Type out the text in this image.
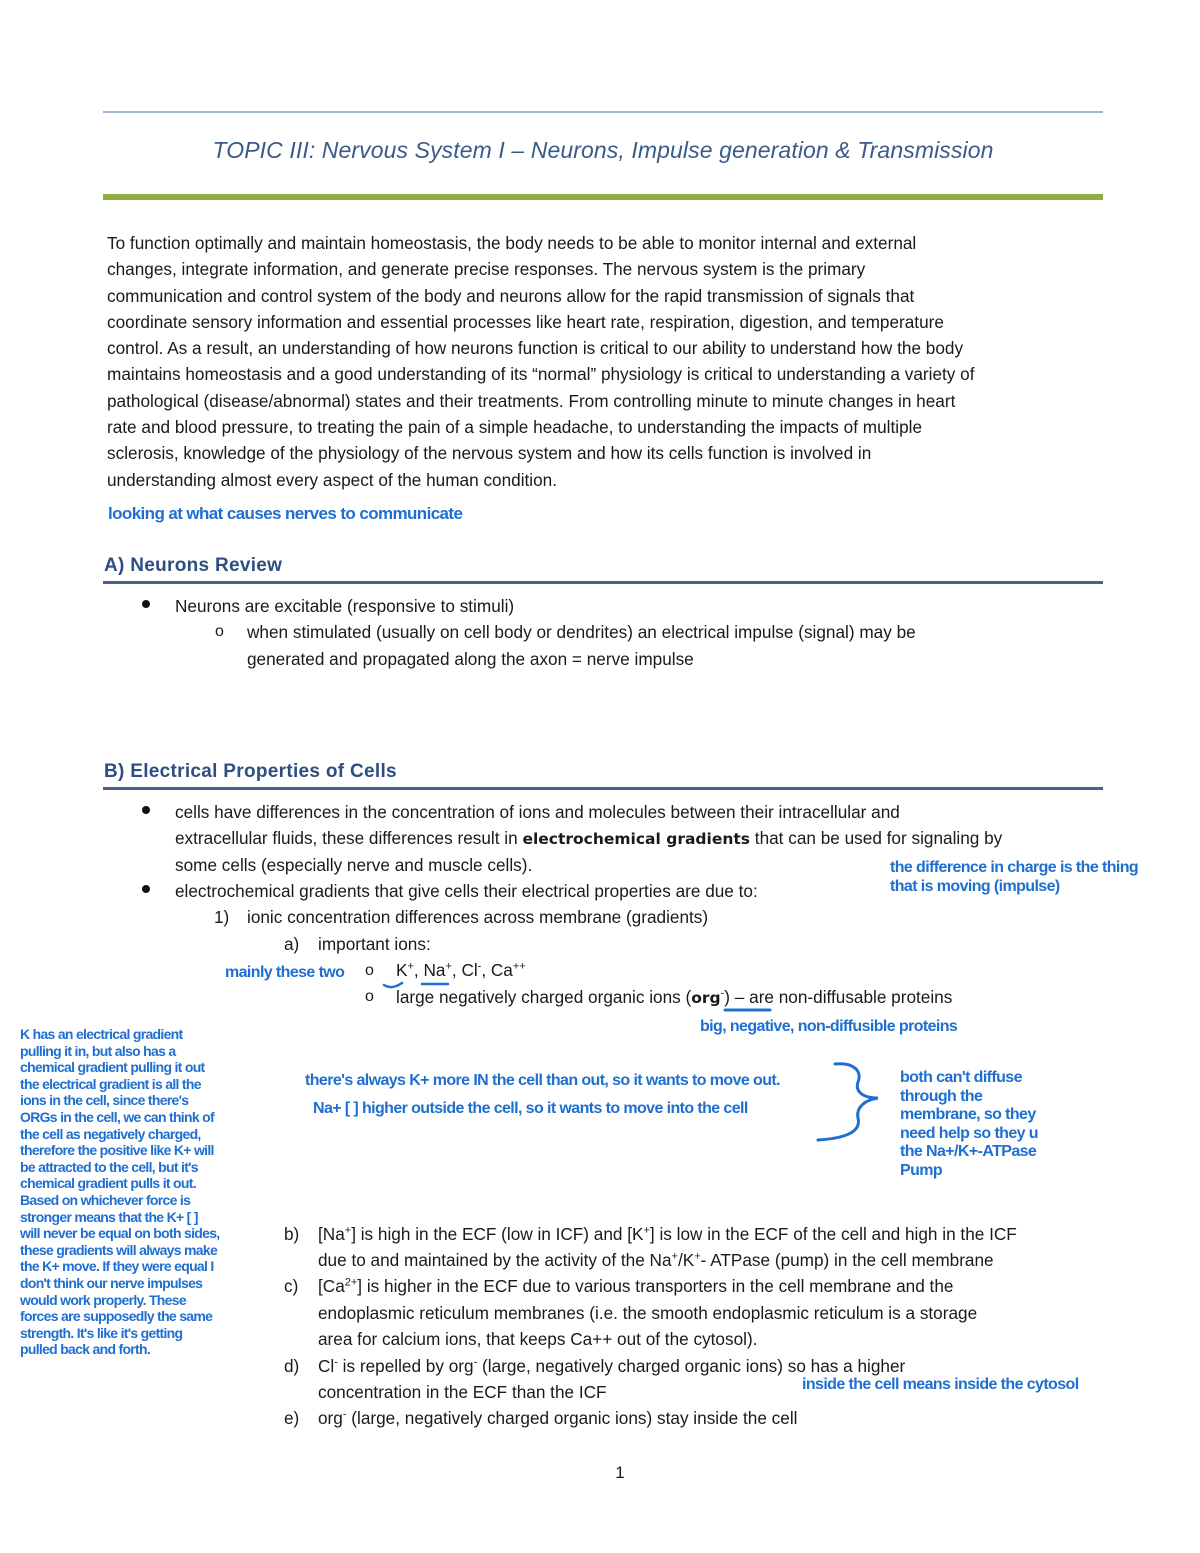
TOPIC III: Nervous System I – Neurons, Impulse generation & Transmission
To function optimally and maintain homeostasis, the body needs to be able to monitor internal and external
changes, integrate information, and generate precise responses. The nervous system is the primary
communication and control system of the body and neurons allow for the rapid transmission of signals that
coordinate sensory information and essential processes like heart rate, respiration, digestion, and temperature
control. As a result, an understanding of how neurons function is critical to our ability to understand how the body
maintains homeostasis and a good understanding of its “normal” physiology is critical to understanding a variety of
pathological (disease/abnormal) states and their treatments. From controlling minute to minute changes in heart
rate and blood pressure, to treating the pain of a simple headache, to understanding the impacts of multiple
sclerosis, knowledge of the physiology of the nervous system and how its cells function is involved in
understanding almost every aspect of the human condition.
looking at what causes nerves to communicate
A) Neurons Review
Neurons are excitable (responsive to stimuli)
o when stimulated (usually on cell body or dendrites) an electrical impulse (signal) may be
generated and propagated along the axon = nerve impulse
B) Electrical Properties of Cells
cells have differences in the concentration of ions and molecules between their intracellular and
extracellular fluids, these differences result in electrochemical gradients that can be used for signaling by
some cells (especially nerve and muscle cells).	the difference in charge is the thing
that is moving (impulse)
electrochemical gradients that give cells their electrical properties are due to:
1) ionic concentration differences across membrane (gradients)
a) important ions:
mainly these two o K+, Na+, Cl-, Ca++
o large negatively charged organic ions (org-) – are non-diffusable proteins
big, negative, non-diffusible proteins
there's always K+ more IN the cell than out, so it wants to move out.
Na+ [ ] higher outside the cell, so it wants to move into the cell
both can't diffuse
through the
membrane, so they
need help so they u
the Na+/K+-ATPase
Pump
K has an electrical gradient
pulling it in, but also has a
chemical gradient pulling it out
the electrical gradient is all the
ions in the cell, since there's
ORGs in the cell, we can think of
the cell as negatively charged,
therefore the positive like K+ will
be attracted to the cell, but it's
chemical gradient pulls it out.
Based on whichever force is
stronger means that the K+ [ ]
will never be equal on both sides,
these gradients will always make
the K+ move. If they were equal I
don't think our nerve impulses
would work properly. These
forces are supposedly the same
strength. It's like it's getting
pulled back and forth.
b) [Na+] is high in the ECF (low in ICF) and [K+] is low in the ECF of the cell and high in the ICF
due to and maintained by the activity of the Na+/K+- ATPase (pump) in the cell membrane
c) $[Ca^{2+}]$ is higher in the ECF due to various transporters in the cell membrane and the
endoplasmic reticulum membranes (i.e. the smooth endoplasmic reticulum is a storage
area for calcium ions, that keeps Ca++ out of the cytosol).
d) Cl- is repelled by org- (large, negatively charged organic ions) so has a higher
concentration in the ECF than the ICF	inside the cell means inside the cytosol
e) org- (large, negatively charged organic ions) stay inside the cell
1
